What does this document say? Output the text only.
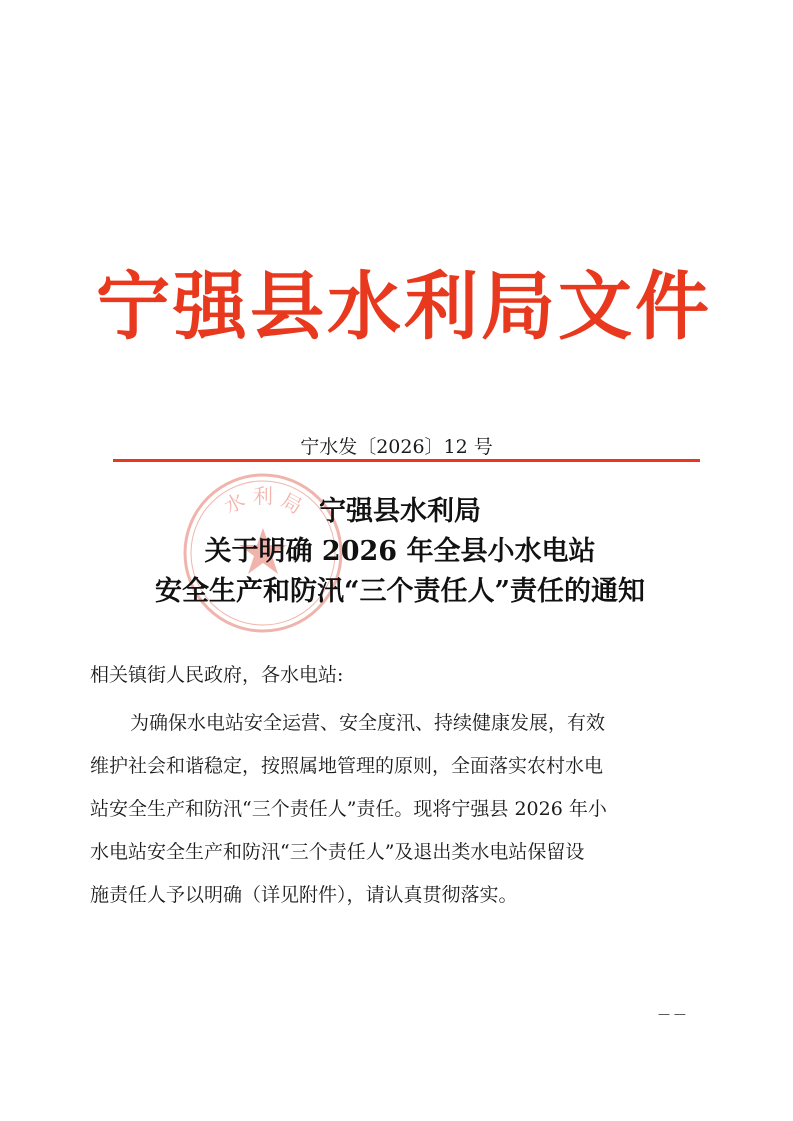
宁强县水利局文件
宁水发〔2026〕12 号
水 利 局 宁强县水利局
关于明确 2026 年全县小水电站
安全生产和防汛“三个责任人”责任的通知
相关镇街人民政府，各水电站:
为确保水电站安全运营、安全度汛、持续健康发展，有效
维护社会和谐稳定，按照属地管理的原则，全面落实农村水电
站安全生产和防汛“三个责任人”责任。现将宁强县 2026 年小
水电站安全生产和防汛“三个责任人”及退出类水电站保留设
施责任人予以明确（详见附件），请认真贯彻落实。
— —
